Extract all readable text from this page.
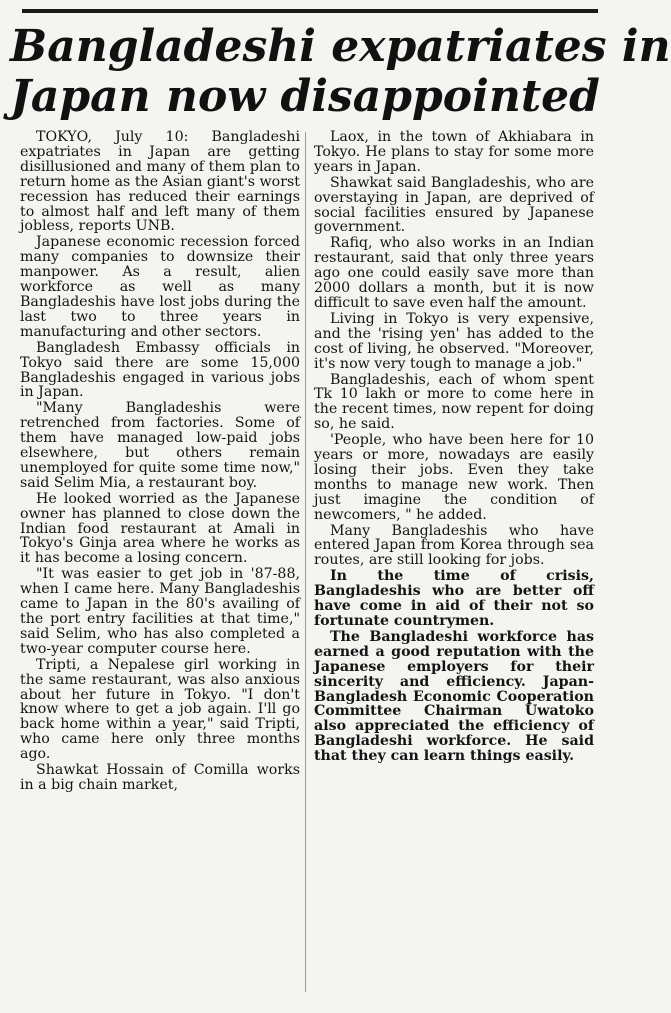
Bangladeshi expatriates in
Japan now disappointed

TOKYO, July 10: Bangladeshi expatriates in Japan are getting disillusioned and many of them plan to return home as the Asian giant's worst recession has reduced their earnings to almost half and left many of them jobless, reports UNB.

Japanese economic recession forced many companies to downsize their manpower. As a result, alien workforce as well as many Bangladeshis have lost jobs during the last two to three years in manufacturing and other sectors.

Bangladesh Embassy officials in Tokyo said there are some 15,000 Bangladeshis engaged in various jobs in Japan.

"Many Bangladeshis were retrenched from factories. Some of them have managed low-paid jobs elsewhere, but others remain unemployed for quite some time now," said Selim Mia, a restaurant boy.

He looked worried as the Japanese owner has planned to close down the Indian food restaurant at Amali in Tokyo's Ginja area where he works as it has become a losing concern.

"It was easier to get job in '87-88, when I came here. Many Bangladeshis came to Japan in the 80's availing of the port entry facilities at that time," said Selim, who has also completed a two-year computer course here.

Tripti, a Nepalese girl working in the same restaurant, was also anxious about her future in Tokyo. "I don't know where to get a job again. I'll go back home within a year," said Tripti, who came here only three months ago.

Shawkat Hossain of Comilla works in a big chain market,

Laox, in the town of Akhiabara in Tokyo. He plans to stay for some more years in Japan.

Shawkat said Bangladeshis, who are overstaying in Japan, are deprived of social facilities ensured by Japanese government.

Rafiq, who also works in an Indian restaurant, said that only three years ago one could easily save more than 2000 dollars a month, but it is now difficult to save even half the amount.

Living in Tokyo is very expensive, and the 'rising yen' has added to the cost of living, he observed. "Moreover, it's now very tough to manage a job."

Bangladeshis, each of whom spent Tk 10 lakh or more to come here in the recent times, now repent for doing so, he said.

'People, who have been here for 10 years or more, nowadays are easily losing their jobs. Even they take months to manage new work. Then just imagine the condition of newcomers, " he added.

Many Bangladeshis who have entered Japan from Korea through sea routes, are still looking for jobs.

In the time of crisis, Bangladeshis who are better off have come in aid of their not so fortunate countrymen.

The Bangladeshi workforce has earned a good reputation with the Japanese employers for their sincerity and efficiency. Japan-Bangladesh Economic Cooperation Committee Chairman Uwatoko also appreciated the efficiency of Bangladeshi workforce. He said that they can learn things easily.
